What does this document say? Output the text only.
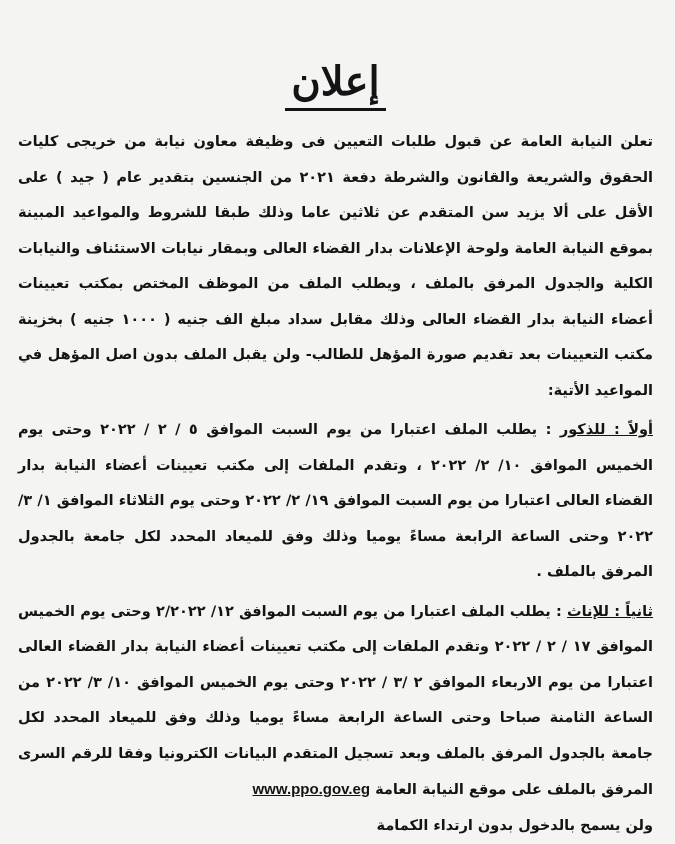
إعلان

تعلن النيابة العامة عن قبول طلبات التعيين فى وظيفة معاون نيابة من خريجى كليات الحقوق والشريعة والقانون والشرطة دفعة ٢٠٢١ من الجنسين بتقدير عام ( جيد ) على الأقل على ألا يزيد سن المتقدم عن ثلاثين عاما وذلك طبقا للشروط والمواعيد المبينة بموقع النيابة العامة ولوحة الإعلانات بدار القضاء العالى وبمقار نيابات الاستئناف والنيابات الكلية والجدول المرفق بالملف ، ويطلب الملف من الموظف المختص بمكتب تعيينات أعضاء النيابة بدار القضاء العالى وذلك مقابل سداد مبلغ الف جنيه ( ١٠٠٠ جنيه ) بخزينة مكتب التعيينات بعد تقديم صورة المؤهل للطالب- ولن يقبل الملف بدون اصل المؤهل في المواعيد الأتية:

أولاً : للذكور : يطلب الملف اعتبارا من يوم السبت الموافق ٥ / ٢ / ٢٠٢٢ وحتى يوم الخميس الموافق ١٠/ ٢/ ٢٠٢٢ ، وتقدم الملفات إلى مكتب تعيينات أعضاء النيابة بدار القضاء العالى اعتبارا من يوم السبت الموافق ١٩/ ٢/ ٢٠٢٢ وحتى يوم الثلاثاء الموافق ١/ ٣/ ٢٠٢٢ وحتى الساعة الرابعة مساءً يوميا وذلك وفق للميعاد المحدد لكل جامعة بالجدول المرفق بالملف .

ثانياً : للإناث : يطلب الملف اعتبارا من يوم السبت الموافق ١٢/ ٢/٢٠٢٢ وحتى يوم الخميس الموافق ١٧ / ٢ / ٢٠٢٢ وتقدم الملفات إلى مكتب تعيينات أعضاء النيابة بدار القضاء العالى اعتبارا من يوم الاربعاء الموافق ٢ /٣ / ٢٠٢٢ وحتى يوم الخميس الموافق ١٠/ ٣/ ٢٠٢٢ من الساعة الثامنة صباحا وحتى الساعة الرابعة مساءً يوميا وذلك وفق للميعاد المحدد لكل جامعة بالجدول المرفق بالملف وبعد تسجيل المتقدم البيانات الكترونيا وفقا للرقم السرى المرفق بالملف على موقع النيابة العامة www.ppo.gov.eg
ولن يسمح بالدخول بدون ارتداء الكمامة
